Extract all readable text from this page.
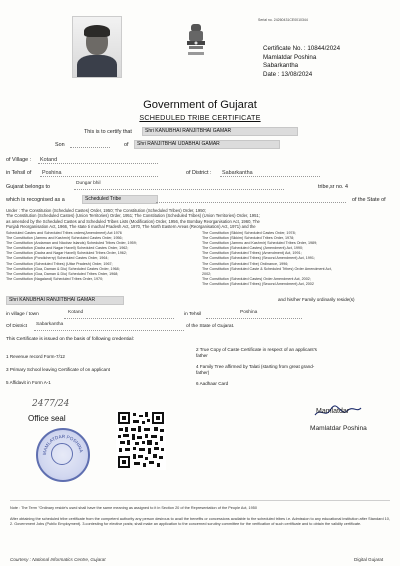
Serial no. 24260431CE0010344
Certificate No. : 10844/2024
Mamlatdar Poshina
Sabarkantha
Date : 13/08/2024
Government of Gujarat
SCHEDULED TRIBE CERTIFICATE
This is to certify that	Shri KANUBHAI RANJITBHAI GAMAR
Son	of	Shri RANJITBHAI UDABHAI GAMAR
of Village : Kotand
in Tehsil of Poshina	of District : Sabarkantha
Gujarat belongs to
Dungar bhil
tribe,sr no. 4
which is recognised as a	Scheduled Tribe	of the State of
Under : The Constitution (Scheduled Castes) Order, 1950; The Constitution (Scheduled Tribes) Order, 1950;
The Constitution (Scheduled Castes) (Union Territories) Order, 1951; The Constitution (Scheduled Tribes) (Union Territories) Order, 1951;
as amended by the Scheduled Castes and Scheduled Tribes Lists (Modification) Order, 1956, the Bombay Reorganisation Act, 1960, The
Punjab Reorganisation Act, 1966, The state ti machal Pradesh Act, 1970, The North Eastern Areas (Reorganisation) Act, 1971) and the
Scheduled Castes and Scheduled Tribes orders(Amendment) Act 1976
The Constitution (Jammu and Kashmir) Scheduled Castes Order, 1956;
The Constitution (Andaman and Nicobar Islands) Scheduled Tribes Order, 1959;
The Constitution (Dadra and Nagar Haveli) Scheduled Castes Order, 1962;
The Constitution (Dadra and Nagar Haveli) Scheduled Tribes Order, 1962;
The Constitution (Pondicherry) Scheduled Castes Order, 1964;
The Constitution (Scheduled Tribes) (Uttar Pradesh) Order, 1967;
The Constitution (Goa, Daman & Diu) Scheduled Castes Order, 1968;
The Constitution (Goa, Daman & Diu) Scheduled Tribes Order, 1968;
The Constitution (Nagaland) Scheduled Tribes Order, 1970;
The Constitution (Sikkim) Scheduled Castes Order, 1978;
The Constitution (Sikkim) Scheduled Tribes Order, 1978;
The Constitution (Jammu and Kashmir) Scheduled Tribes Order, 1989;
The Constitution (Scheduled Castes) (Amendment) Act, 1990;
The Constitution (Scheduled Tribes) (Amendment) Act, 1991;
The Constitution (Scheduled Tribes) (Second Amendment) Act, 1991;
The Constitution (Scheduled Tribe) Ordinance, 1996;
The Constitution (Scheduled Caste & Scheduled Tribes) Order Amendment Act,
2002;
The Constitution (Scheduled Castes) Order Amendment Act, 2002;
The Constitution (Scheduled Tribes) (Second Amendment) Act, 2002
Shri KANUBHAI RANJITBHAI GAMAR	and his/her Family ordinarily reside(s)
in village / town	Kotand	in Tehsil	Poshina
Of District Sabarkantha	of the State of Gujarat.
This Certificate is issued on the basis of following credential:
1 Revenue record Form-7/12
3 Primary School leaving Certificate of on applicant
5 Affidavit in Form A-1
2 True Copy of Caste Certificate in respect of an applicant's father
4 Family Tree affirmed by Talati (starting from great grand-father)
6 Aadhaar Card
2477/24
Office seal
MAMLATDAR POSHINA
Mamlatdar
Mamlatdar Poshina
Note : The Term "Ordinary reside's used shall have the same meaning as assigned to it in Section 20 of the Representation of the People Act, 1950
After obtaining the scheduled tribe certificate from the competent authority any person desirous to avail the benefits or concessions available to the scheduled tribes i.e. Admission to any educational institution after Standard 10, 2. Government Jobs (Public Employment). 3.contesting for elective posts; shall make an application to the concerned scrutiny committee for the verification of such certificate and to obtain the validity certificate.
Courtesy : National Informatics Centre, Gujarat	Digital Gujarat
